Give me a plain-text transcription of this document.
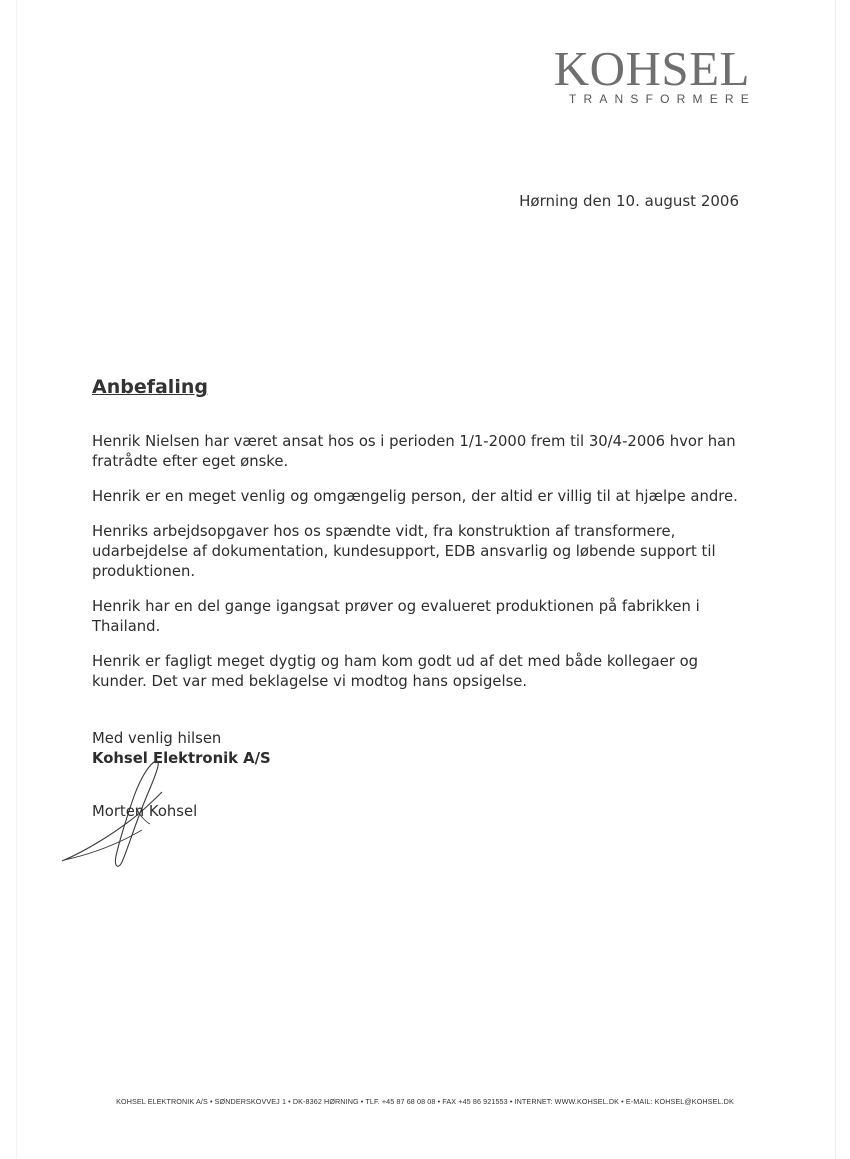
KOHSEL
TRANSFORMERE
Hørning den 10. august 2006
Anbefaling

Henrik Nielsen har været ansat hos os i perioden 1/1-2000 frem til 30/4-2006 hvor han fratrådte efter eget ønske.

Henrik er en meget venlig og omgængelig person, der altid er villig til at hjælpe andre.

Henriks arbejdsopgaver hos os spændte vidt, fra konstruktion af transformere, udarbejdelse af dokumentation, kundesupport, EDB ansvarlig og løbende support til produktionen.

Henrik har en del gange igangsat prøver og evalueret produktionen på fabrikken i Thailand.

Henrik er fagligt meget dygtig og ham kom godt ud af det med både kollegaer og kunder. Det var med beklagelse vi modtog hans opsigelse.

Med venlig hilsen
Kohsel Elektronik A/S
Morten Kohsel
KOHSEL ELEKTRONIK A/S • SØNDERSKOVVEJ 1 • DK-8362 HØRNING • TLF. +45 87 68 08 08 • FAX +45 86 921553 • INTERNET: WWW.KOHSEL.DK • E-MAIL: KOHSEL@KOHSEL.DK
